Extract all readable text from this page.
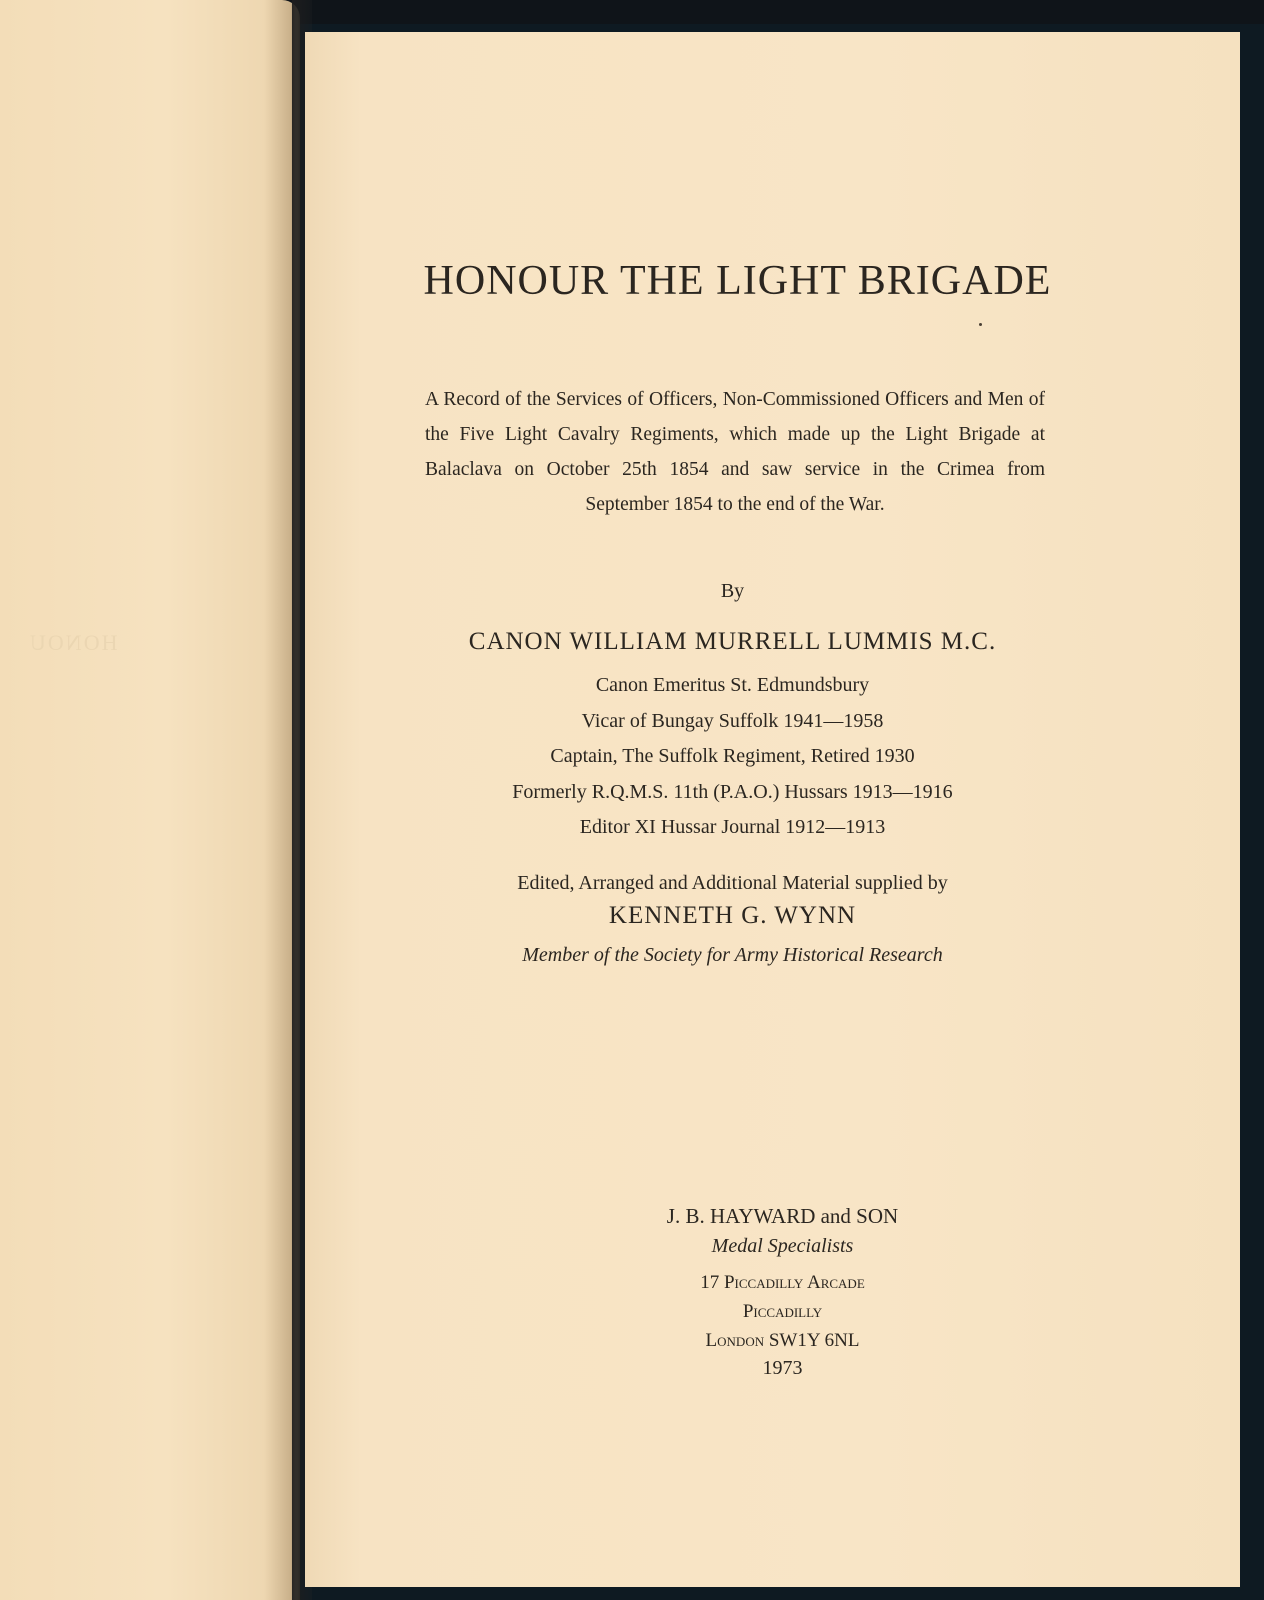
HONOU
HONOUR THE LIGHT BRIGADE
A Record of the Services of Officers, Non-Commissioned Officers and Men of the Five Light Cavalry Regiments, which made up the Light Brigade at Balaclava on October 25th 1854 and saw service in the Crimea from September 1854 to the end of the War.
By
CANON WILLIAM MURRELL LUMMIS M.C.
Canon Emeritus St. Edmundsbury
Vicar of Bungay Suffolk 1941—1958
Captain, The Suffolk Regiment, Retired 1930
Formerly R.Q.M.S. 11th (P.A.O.) Hussars 1913—1916
Editor XI Hussar Journal 1912—1913
Edited, Arranged and Additional Material supplied by
KENNETH G. WYNN
Member of the Society for Army Historical Research
J. B. HAYWARD and SON
Medal Specialists
17 Piccadilly Arcade
Piccadilly
London SW1Y 6NL
1973
